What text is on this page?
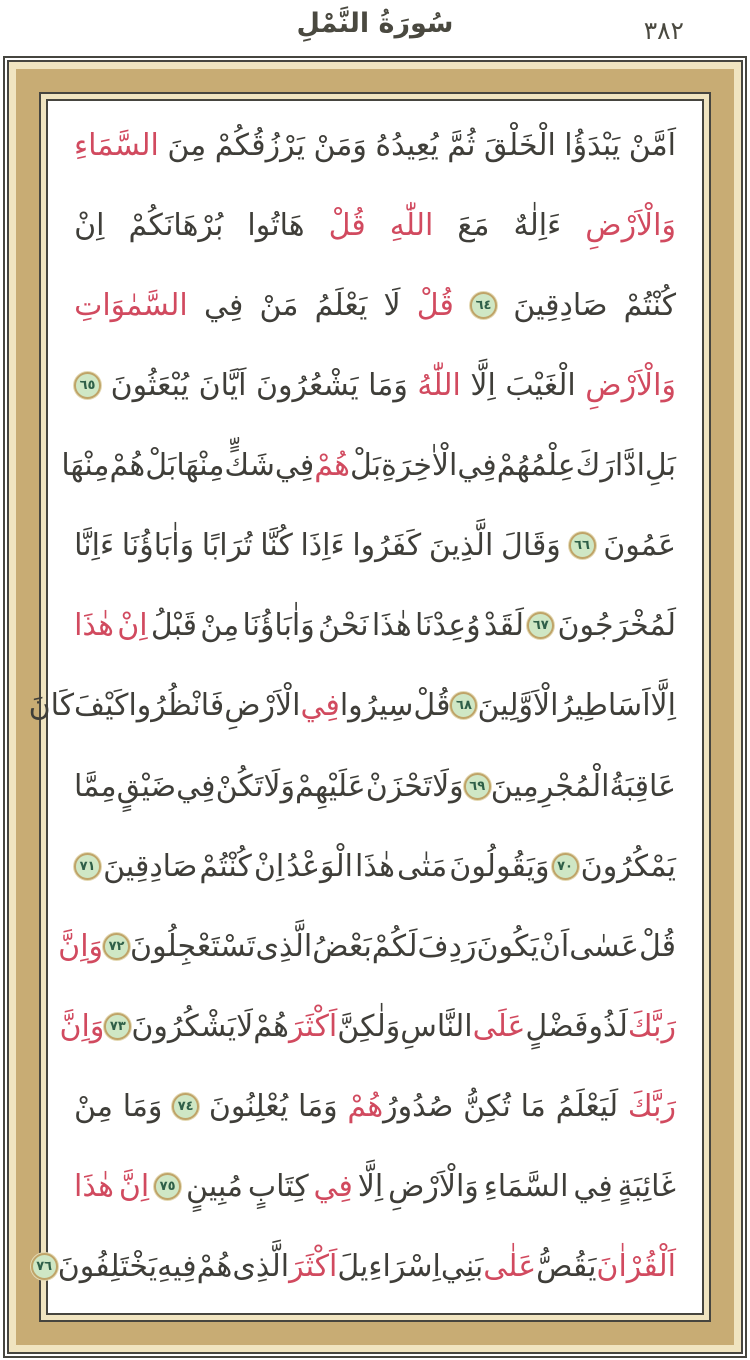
سُورَةُ النَّمْلِ	٣٨٢
اَمَّنْ
يَبْدَؤُا
الْخَلْقَ
ثُمَّ
يُعِيدُهُ
وَمَنْ
يَرْزُقُكُمْ
مِنَ
السَّمَاءِ
وَالْاَرْضِ
ءَاِلٰهٌ
مَعَ
اللّٰهِ
قُلْ
هَاتُوا
بُرْهَانَكُمْ
اِنْ
كُنْتُمْ
صَادِقِينَ
٦٤
قُلْ
لَا
يَعْلَمُ
مَنْ
فِي
السَّمٰوَاتِ
وَالْاَرْضِ
الْغَيْبَ
اِلَّا
اللّٰهُ
وَمَا
يَشْعُرُونَ
اَيَّانَ
يُبْعَثُونَ
٦٥
بَلِ
ادَّارَكَ
عِلْمُهُمْ
فِي
الْاٰخِرَةِ
بَلْ
هُمْ
فِي
شَكٍّ
مِنْهَا
بَلْ
هُمْ
مِنْهَا
عَمُونَ
٦٦
وَقَالَ
الَّذِينَ
كَفَرُوا
ءَاِذَا
كُنَّا
تُرَابًا
وَاٰبَاؤُنَا
ءَاِنَّا
لَمُخْرَجُونَ
٦٧
لَقَدْ
وُعِدْنَا
هٰذَا
نَحْنُ
وَاٰبَاؤُنَا
مِنْ
قَبْلُ
اِنْ
هٰذَا
اِلَّا
اَسَاطِيرُ
الْاَوَّلِينَ
٦٨
قُلْ
سِيرُوا
فِي
الْاَرْضِ
فَانْظُرُوا
كَيْفَ
كَانَ
عَاقِبَةُ
الْمُجْرِمِينَ
٦٩
وَلَا
تَحْزَنْ
عَلَيْهِمْ
وَلَا
تَكُنْ
فِي
ضَيْقٍ
مِمَّا
يَمْكُرُونَ
٧٠
وَيَقُولُونَ
مَتٰى
هٰذَا
الْوَعْدُ
اِنْ
كُنْتُمْ
صَادِقِينَ
٧١
قُلْ
عَسٰى
اَنْ
يَكُونَ
رَدِفَ
لَكُمْ
بَعْضُ
الَّذِى
تَسْتَعْجِلُونَ
٧٢
وَاِنَّ
رَبَّكَ
لَذُو
فَضْلٍ
عَلَى
النَّاسِ
وَلٰكِنَّ
اَكْثَرَهُمْ
لَا
يَشْكُرُونَ
٧٣
وَاِنَّ
رَبَّكَ
لَيَعْلَمُ
مَا
تُكِنُّ
صُدُورُهُمْ
وَمَا
يُعْلِنُونَ
٧٤
وَمَا
مِنْ
غَائِبَةٍ
فِي
السَّمَاءِ
وَالْاَرْضِ
اِلَّا
فِي
كِتَابٍ
مُبِينٍ
٧٥
اِنَّ
هٰذَا
اَلْقُرْاٰنَ
يَقُصُّ
عَلٰى
بَنِي
اِسْرَاءِيلَ
اَكْثَرَ
الَّذِى
هُمْ
فِيهِ
يَخْتَلِفُونَ
٧٦
